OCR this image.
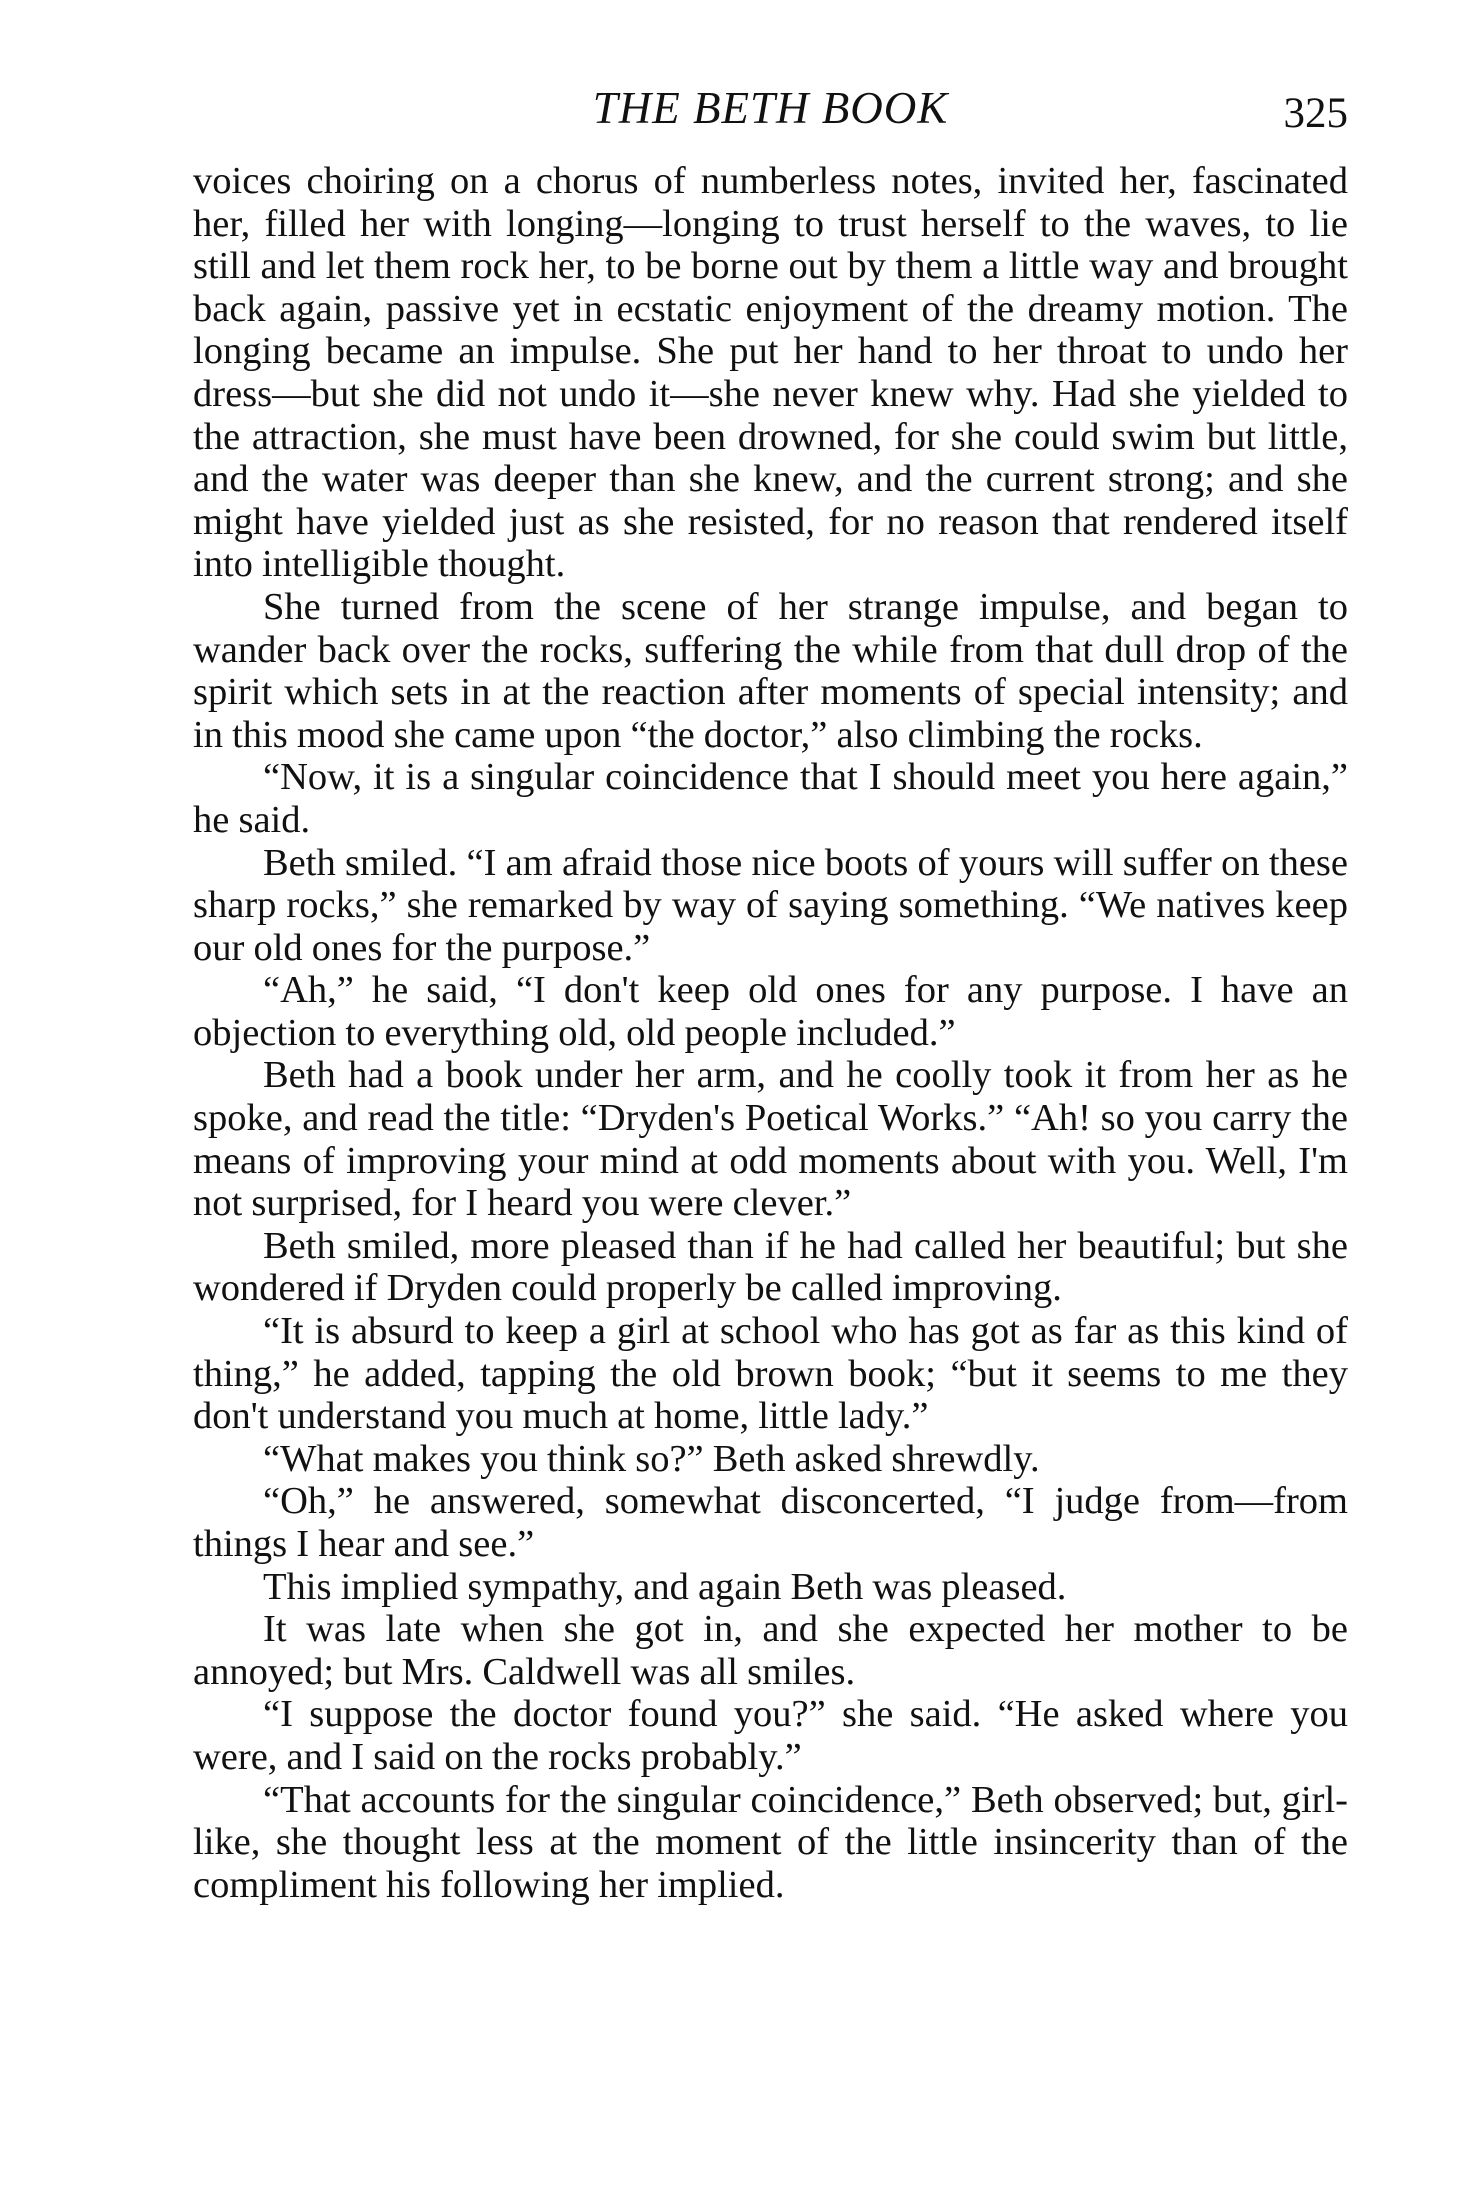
THE BETH BOOK	325

voices choiring on a chorus of numberless notes, invited her, fascinated her, filled her with longing—longing to trust herself to the waves, to lie still and let them rock her, to be borne out by them a little way and brought back again, passive yet in ecstatic enjoyment of the dreamy motion. The longing became an impulse. She put her hand to her throat to undo her dress—but she did not undo it—she never knew why. Had she yielded to the attraction, she must have been drowned, for she could swim but little, and the water was deeper than she knew, and the current strong; and she might have yielded just as she resisted, for no reason that rendered itself into intelligible thought.

She turned from the scene of her strange impulse, and began to wander back over the rocks, suffering the while from that dull drop of the spirit which sets in at the reaction after moments of special intensity; and in this mood she came upon “the doctor,” also climbing the rocks.

“Now, it is a singular coincidence that I should meet you here again,” he said.

Beth smiled. “I am afraid those nice boots of yours will suffer on these sharp rocks,” she remarked by way of saying something. “We natives keep our old ones for the purpose.”

“Ah,” he said, “I don't keep old ones for any purpose. I have an objection to everything old, old people included.”

Beth had a book under her arm, and he coolly took it from her as he spoke, and read the title: “Dryden's Poetical Works.” “Ah! so you carry the means of improving your mind at odd moments about with you. Well, I'm not surprised, for I heard you were clever.”

Beth smiled, more pleased than if he had called her beautiful; but she wondered if Dryden could properly be called improving.

“It is absurd to keep a girl at school who has got as far as this kind of thing,” he added, tapping the old brown book; “but it seems to me they don't understand you much at home, little lady.”

“What makes you think so?” Beth asked shrewdly.

“Oh,” he answered, somewhat disconcerted, “I judge from—from things I hear and see.”

This implied sympathy, and again Beth was pleased.

It was late when she got in, and she expected her mother to be annoyed; but Mrs. Caldwell was all smiles.

“I suppose the doctor found you?” she said. “He asked where you were, and I said on the rocks probably.”

“That accounts for the singular coincidence,” Beth observed; but, girl-like, she thought less at the moment of the little insincerity than of the compliment his following her implied.
